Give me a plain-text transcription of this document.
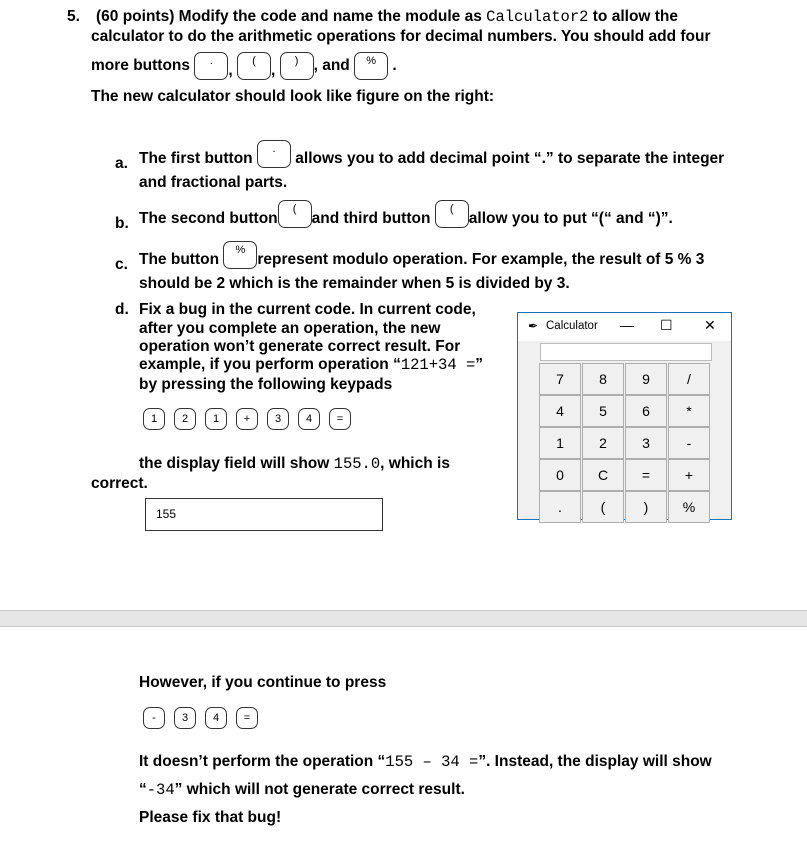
5. (60 points) Modify the code and name the module as Calculator2 to allow the
calculator to do the arithmetic operations for decimal numbers. You should add four
more buttons ., (, ) , and % .
The new calculator should look like figure on the right:
a. The first button . allows you to add decimal point “.” to separate the integer
and fractional parts.
b. The second button(and third button (allow you to put “(“ and “)”.
c. The button %represent modulo operation. For example, the result of 5 % 3
should be 2 which is the remainder when 5 is divided by 3.
d. Fix a bug in the current code. In current code,
after you complete an operation, the new
operation won’t generate correct result. For
example, if you perform operation “121+34 =”
by pressing the following keypads
1 2 1 + 3 4 =
the display field will show 155.0, which is
correct.
155
✒ Calculator — ☐ ✕
7	8	9	/
4	5	6	*
1	2	3	-
0	C	=	+
.	(	)	%
However, if you continue to press
- 3 4 =
It doesn’t perform the operation “155 – 34 =”. Instead, the display will show
“-34” which will not generate correct result.
Please fix that bug!
